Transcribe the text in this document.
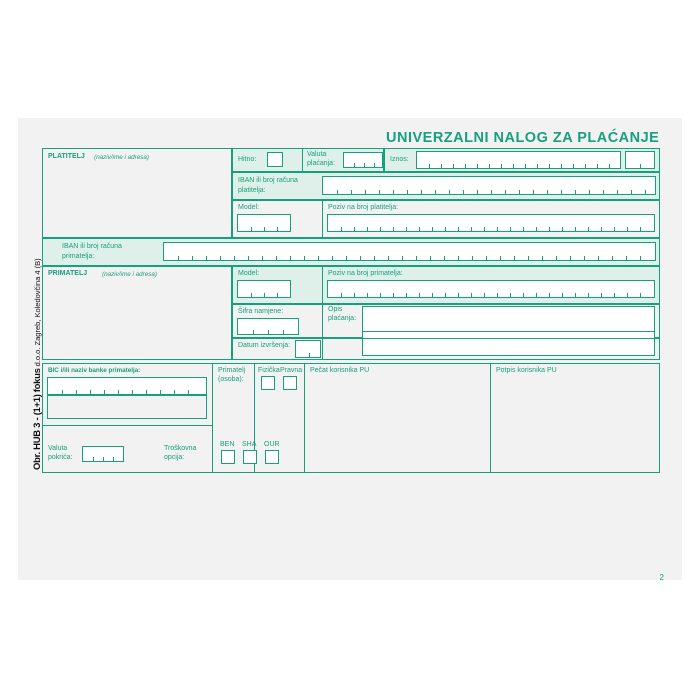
UNIVERZALNI NALOG ZA PLAĆANJE
PLATITELJ (naziv/ime i adresa)	Hitno:
Valuta
plaćanja:
Iznos:
IBAN ili broj računa
platitelja:
Model:	Poziv na broj platitelja:
IBAN ili broj računa
primatelja:
PRIMATELJ (naziv/ime i adresa)	Model:	Poziv na broj primatelja:
Šifra namjene:	Opis
plaćanja:
Datum izvršenja:
BIC i/ili naziv banke primatelja:	Primatelj
(osoba):
Fizička Pravna Pečat korisnika PU	Potpis korisnika PU
Valuta
pokrića:
Troškovna
opcija:
BEN SHA OUR
Obr. HUB 3 - (1+1) fokus d.o.o. Zagreb, Koledovčina 4 (B)
2
